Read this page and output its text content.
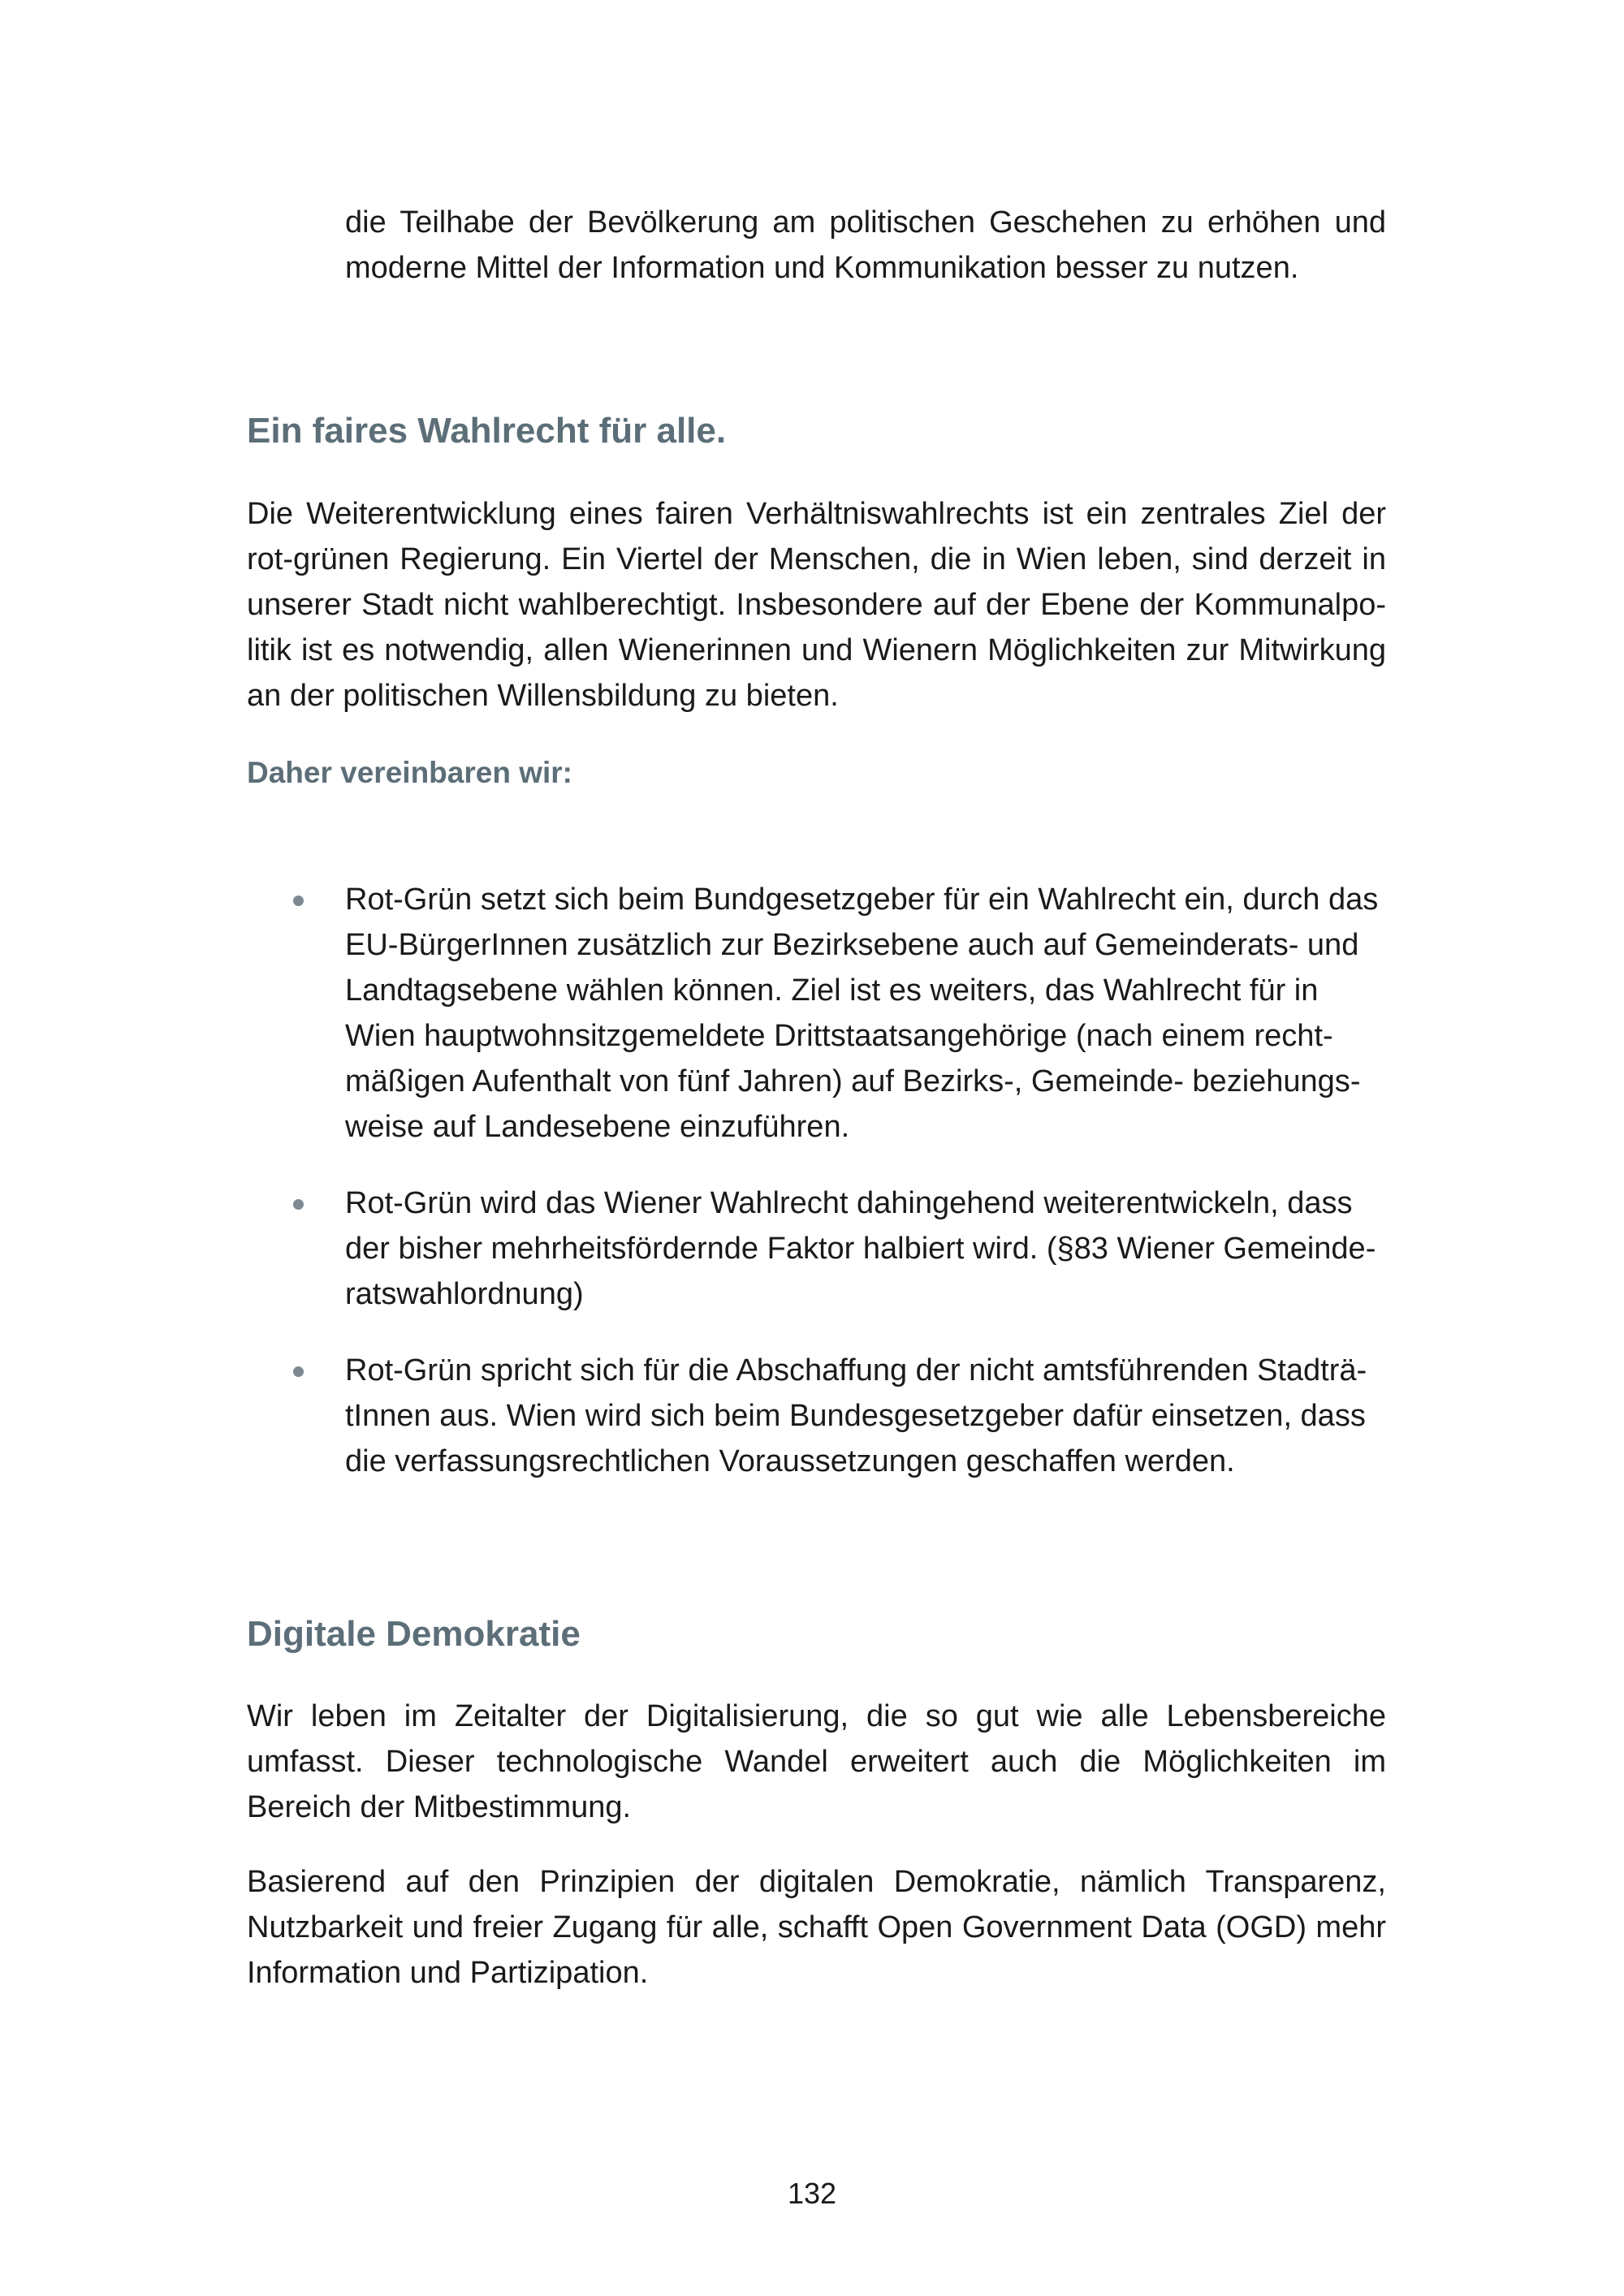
die Teilhabe der Bevölkerung am politischen Geschehen zu erhöhen und moderne Mittel der Information und Kommunikation besser zu nutzen.

Ein faires Wahlrecht für alle.

Die Weiterentwicklung eines fairen Verhältniswahlrechts ist ein zentrales Ziel der rot-grünen Regierung. Ein Viertel der Menschen, die in Wien leben, sind derzeit in unserer Stadt nicht wahlberechtigt. Insbesondere auf der Ebene der Kommunalpolitik ist es notwendig, allen Wienerinnen und Wienern Möglichkeiten zur Mitwirkung an der politischen Willensbildung zu bieten.

Daher vereinbaren wir:
Rot-Grün setzt sich beim Bundgesetzgeber für ein Wahlrecht ein, durch das EU-BürgerInnen zusätzlich zur Bezirksebene auch auf Gemeinderats- und Landtagsebene wählen können. Ziel ist es weiters, das Wahlrecht für in Wien hauptwohnsitzgemeldete Drittstaatsangehörige (nach einem rechtmäßigen Aufenthalt von fünf Jahren) auf Bezirks-, Gemeinde- beziehungsweise auf Landesebene einzuführen.
Rot-Grün wird das Wiener Wahlrecht dahingehend weiterentwickeln, dass der bisher mehrheitsfördernde Faktor halbiert wird. (§83 Wiener Gemeinderatswahlordnung)
Rot-Grün spricht sich für die Abschaffung der nicht amtsführenden StadträtInnen aus. Wien wird sich beim Bundesgesetzgeber dafür einsetzen, dass die verfassungsrechtlichen Voraussetzungen geschaffen werden.
Digitale Demokratie

Wir leben im Zeitalter der Digitalisierung, die so gut wie alle Lebensbereiche umfasst. Dieser technologische Wandel erweitert auch die Möglichkeiten im Bereich der Mitbestimmung.

Basierend auf den Prinzipien der digitalen Demokratie, nämlich Transparenz, Nutzbarkeit und freier Zugang für alle, schafft Open Government Data (OGD) mehr Information und Partizipation.

132
